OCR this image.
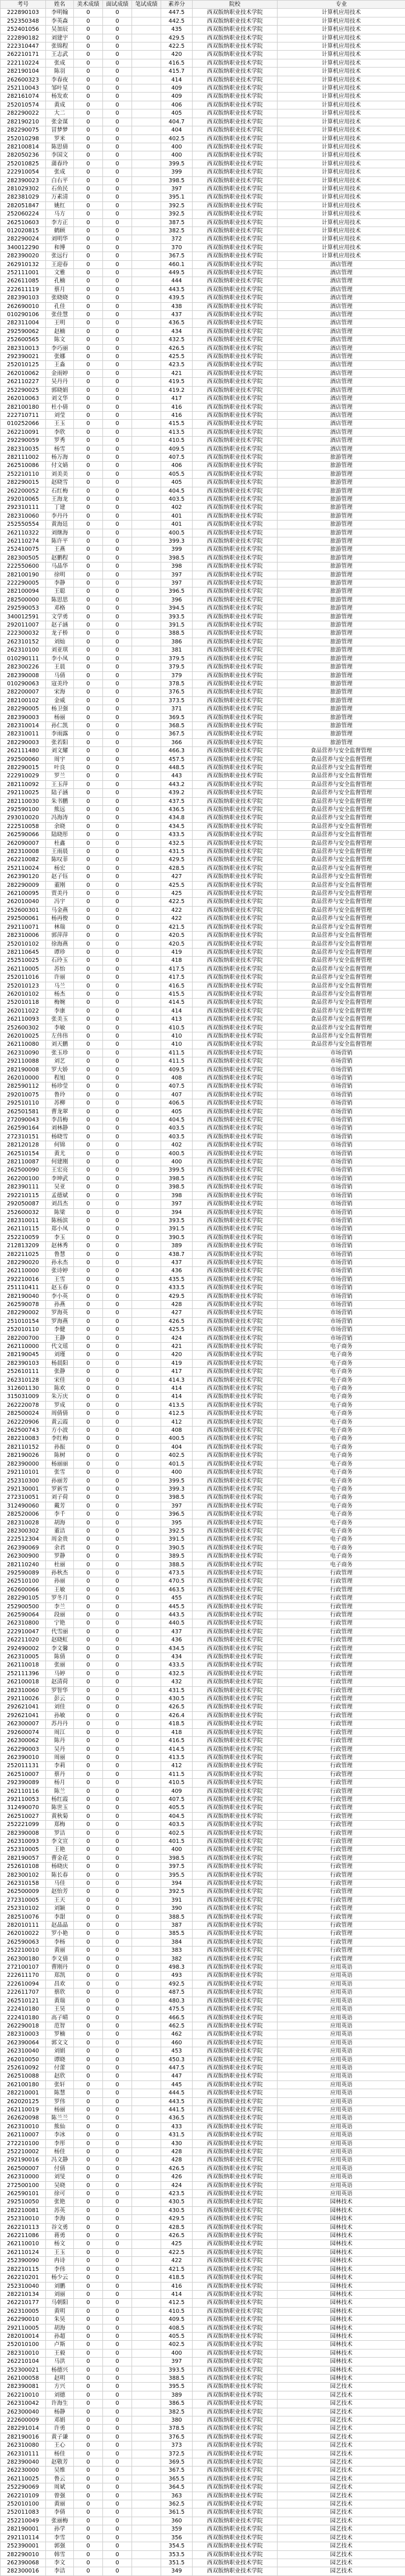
考号	姓名	美术成绩	面试成绩	笔试成绩	素养分	院校	专业
222890103	李明翰	0	0		447.5	西双版纳职业技术学院	计算机应用技术
252350348	李英森	0	0		442.5	西双版纳职业技术学院	计算机应用技术
252401056	吴加辰	0	0		435	西双版纳职业技术学院	计算机应用技术
222890182	刘建宇	0	0		429.5	西双版纳职业技术学院	计算机应用技术
222310447	张锦程	0	0		422.5	西双版纳职业技术学院	计算机应用技术
262210171	王志武	0	0		420	西双版纳职业技术学院	计算机应用技术
222110224	张成	0	0		416.5	西双版纳职业技术学院	计算机应用技术
282190104	陈羽	0	0		415.7	西双版纳职业技术学院	计算机应用技术
262600323	李春夜	0	0		414	西双版纳职业技术学院	计算机应用技术
252110043	邹叶星	0	0		409	西双版纳职业技术学院	计算机应用技术
282161074	杨发欢	0	0		409	西双版纳职业技术学院	计算机应用技术
252010574	黄成	0	0		406	西双版纳职业技术学院	计算机应用技术
282290022	大二	0	0		405	西双版纳职业技术学院	计算机应用技术
282190210	张金谋	0	0		404.7	西双版纳职业技术学院	计算机应用技术
282290075	冒梦梦	0	0		404	西双版纳职业技术学院	计算机应用技术
252010298	罗米	0	0		402.5	西双版纳职业技术学院	计算机应用技术
282100814	陈思倩	0	0		400	西双版纳职业技术学院	计算机应用技术
282050236	李国文	0	0		400	西双版纳职业技术学院	计算机应用技术
252010825	蒲春玲	0	0		399.5	西双版纳职业技术学院	计算机应用技术
222910054	张成	0	0		399	西双版纳职业技术学院	计算机应用技术
282390023	白右平	0	0		398.5	西双版纳职业技术学院	计算机应用技术
281029302	石鱼民	0	0		397	西双版纳职业技术学院	计算机应用技术
282381029	万素清	0	0		395.1	西双版纳职业技术学院	计算机应用技术
282051847	姚红	0	0		392.5	西双版纳职业技术学院	计算机应用技术
252060224	马方	0	0		392.5	西双版纳职业技术学院	计算机应用技术
262510603	李方正	0	0		387.5	西双版纳职业技术学院	计算机应用技术
012020815	鹤顾	0	0		382.5	西双版纳职业技术学院	计算机应用技术
282290024	刘明华	0	0		372	西双版纳职业技术学院	计算机应用技术
340012290	和博	0	0		370	西双版纳职业技术学院	计算机应用技术
282390020	张远行	0	0		367.5	西双版纳职业技术学院	计算机应用技术
262910132	王迎春	0	0		460.1	西双版纳职业技术学院	酒店管理
252111001	文雅	0	0		449.5	西双版纳职业技术学院	酒店管理
262611085	孔楠	0	0		444	西双版纳职业技术学院	酒店管理
222611119	蔡月	0	0		443.5	西双版纳职业技术学院	酒店管理
282390103	张晓晓	0	0		439.5	西双版纳职业技术学院	酒店管理
262690010	孔佳	0	0		438	西双版纳职业技术学院	酒店管理
010290106	张佳慧	0	0		437	西双版纳职业技术学院	酒店管理
282311004	王明	0	0		436.5	西双版纳职业技术学院	酒店管理
292590062	赵楠	0	0		434	西双版纳职业技术学院	酒店管理
252600565	陈文	0	0		432.5	西双版纳职业技术学院	酒店管理
282310013	李巧丽	0	0		426.5	西双版纳职业技术学院	酒店管理
292390021	张娜	0	0		425.5	西双版纳职业技术学院	酒店管理
252010125	王淼	0	0		423.5	西双版纳职业技术学院	酒店管理
262010062	金雨婷	0	0		421	西双版纳职业技术学院	酒店管理
262110227	吴丹丹	0	0		419.5	西双版纳职业技术学院	酒店管理
252290025	郭晓娟	0	0		419.2	西双版纳职业技术学院	酒店管理
262010063	刘文华	0	0		417	西双版纳职业技术学院	酒店管理
282100180	杜小倩	0	0		416	西双版纳职业技术学院	酒店管理
222710711	刘莹	0	0		416	西双版纳职业技术学院	酒店管理
010252066	王玉	0	0		415.5	西双版纳职业技术学院	酒店管理
262210091	李欣	0	0		413.5	西双版纳职业技术学院	酒店管理
292290059	罗秀	0	0		410.5	西双版纳职业技术学院	酒店管理
282310035	杨雪	0	0		409.5	西双版纳职业技术学院	酒店管理
282111002	杨万海	0	0		407.5	西双版纳职业技术学院	旅游管理
262510086	付文婧	0	0		406	西双版纳职业技术学院	旅游管理
252210110	刘美美	0	0		405.5	西双版纳职业技术学院	旅游管理
282290015	赵晓雪	0	0		405	西双版纳职业技术学院	旅游管理
262200052	石红梅	0	0		404.5	西双版纳职业技术学院	旅游管理
292010065	王海龙	0	0		403.5	西双版纳职业技术学院	旅游管理
292310111	丁建	0	0		402	西双版纳职业技术学院	旅游管理
282310060	李丹丹	0	0		401	西双版纳职业技术学院	旅游管理
252550554	黄海廷	0	0		401	西双版纳职业技术学院	旅游管理
262110322	刘继海	0	0		400.5	西双版纳职业技术学院	旅游管理
262110274	陈许平	0	0		399.3	西双版纳职业技术学院	旅游管理
252410075	王燕	0	0		399	西双版纳职业技术学院	旅游管理
282300505	赵鹏程	0	0		398.5	西双版纳职业技术学院	旅游管理
222550600	马晶华	0	0		398	西双版纳职业技术学院	旅游管理
282100190	徐明	0	0		397	西双版纳职业技术学院	旅游管理
222290005	李静	0	0		397	西双版纳职业技术学院	旅游管理
282100094	王聪	0	0		396.5	西双版纳职业技术学院	旅游管理
282500000	陈思思	0	0		396	西双版纳职业技术学院	旅游管理
292590053	邓格	0	0		394.5	西双版纳职业技术学院	旅游管理
340012591	文学勇	0	0		393.5	西双版纳职业技术学院	旅游管理
292011007	赵子涵	0	0		391.5	西双版纳职业技术学院	旅游管理
222300032	龙子桥	0	0		388.5	西双版纳职业技术学院	旅游管理
262310152	刘灿	0	0		386	西双版纳职业技术学院	旅游管理
262310100	刘亚琪	0	0		381	西双版纳职业技术学院	旅游管理
010290111	李小凤	0	0		379.5	西双版纳职业技术学院	旅游管理
282300226	王晨	0	0		379.5	西双版纳职业技术学院	旅游管理
282390008	马倩	0	0		379	西双版纳职业技术学院	旅游管理
010290063	寇美玲	0	0		378.5	西双版纳职业技术学院	旅游管理
282200007	宋海	0	0		376.5	西双版纳职业技术学院	旅游管理
282100102	金威	0	0		373.5	西双版纳职业技术学院	旅游管理
282290005	杨卫强	0	0		371	西双版纳职业技术学院	旅游管理
282390003	杨丽	0	0		369.5	西双版纳职业技术学院	旅游管理
282310014	孙仁凯	0	0		368.5	西双版纳职业技术学院	旅游管理
282310011	李雨露	0	0		367.5	西双版纳职业技术学院	旅游管理
282290003	张若阳	0	0		366	西双版纳职业技术学院	旅游管理
262111480	刘文耀	0	0		466.3	西双版纳职业技术学院	食品营养与安全监督管理
292500060	周宇	0	0		457.5	西双版纳职业技术学院	食品营养与安全监督管理
282290015	叶良	0	0		448.5	西双版纳职业技术学院	食品营养与安全监督管理
222910029	罗兰	0	0		443	西双版纳职业技术学院	食品营养与安全监督管理
282110092	王玉萍	0	0		443.2	西双版纳职业技术学院	食品营养与安全监督管理
292110025	陆子涵	0	0		439.2	西双版纳职业技术学院	食品营养与安全监督管理
282110030	朱书鹏	0	0		437.5	西双版纳职业技术学院	食品营养与安全监督管理
292590100	熊远	0	0		436.5	西双版纳职业技术学院	食品营养与安全监督管理
293010020	冯海涛	0	0		434.8	西双版纳职业技术学院	食品营养与安全监督管理
222510058	余晓	0	0		434.5	西双版纳职业技术学院	食品营养与安全监督管理
262590066	陆晓彤	0	0		433.5	西双版纳职业技术学院	食品营养与安全监督管理
262090007	杜鑫	0	0		432.5	西双版纳职业技术学院	食品营养与安全监督管理
282310008	王雨晨	0	0		431.5	西双版纳职业技术学院	食品营养与安全监督管理
262210082	陈叹菲	0	0		429.5	西双版纳职业技术学院	食品营养与安全监督管理
252110024	杨宏	0	0		428.5	西双版纳职业技术学院	食品营养与安全监督管理
262390120	赵子钰	0	0		427	西双版纳职业技术学院	食品营养与安全监督管理
282290009	董刚	0	0		425.5	西双版纳职业技术学院	食品营养与安全监督管理
262100095	贾美丹	0	0		425	西双版纳职业技术学院	食品营养与安全监督管理
262010040	冯宇	0	0		422.5	西双版纳职业技术学院	食品营养与安全监督管理
252600301	马金燕	0	0		422	西双版纳职业技术学院	食品营养与安全监督管理
292500061	杨再俊	0	0		422	西双版纳职业技术学院	食品营养与安全监督管理
292110071	林瑞	0	0		421.5	西双版纳职业技术学院	食品营养与安全监督管理
282310006	郭萍萍	0	0		420.5	西双版纳职业技术学院	食品营养与安全监督管理
252010102	徐海燕	0	0		420.5	西双版纳职业技术学院	食品营养与安全监督管理
282110645	谭珍	0	0		419	西双版纳职业技术学院	食品营养与安全监督管理
252510025	石玲玉	0	0		418	西双版纳职业技术学院	食品营养与安全监督管理
262110005	苏怡	0	0		417.5	西双版纳职业技术学院	食品营养与安全监督管理
252011016	许丽	0	0		417.5	西双版纳职业技术学院	食品营养与安全监督管理
252010123	马兰	0	0		416.5	西双版纳职业技术学院	食品营养与安全监督管理
262010102	杨杰	0	0		415.5	西双版纳职业技术学院	食品营养与安全监督管理
252010118	梅婉	0	0		414.5	西双版纳职业技术学院	食品营养与安全监督管理
262011022	李康	0	0		414	西双版纳职业技术学院	食品营养与安全监督管理
262110093	张美玉	0	0		413	西双版纳职业技术学院	食品营养与安全监督管理
252600302	李敏	0	0		410.5	西双版纳职业技术学院	食品营养与安全监督管理
262010025	左伟伟	0	0		410	西双版纳职业技术学院	食品营养与安全监督管理
262110080	刘天鹏	0	0		410	西双版纳职业技术学院	食品营养与安全监督管理
262310090	张玉珍	0	0		411.5	西双版纳职业技术学院	市场营销
292110088	刘艺	0	0		411.5	西双版纳职业技术学院	市场营销
282190008	罗大娇	0	0		409.5	西双版纳职业技术学院	市场营销
262010000	程旭	0	0		408	西双版纳职业技术学院	市场营销
282590112	杨珍莹	0	0		407.5	西双版纳职业技术学院	市场营销
292010075	鲁玲	0	0		407	西双版纳职业技术学院	市场营销
292510110	苏柳	0	0		406.5	西双版纳职业技术学院	市场营销
262501581	曹龙翠	0	0		405	西双版纳职业技术学院	市场营销
272090043	李昌梅	0	0		404.5	西双版纳职业技术学院	市场营销
262590164	刘林静	0	0		403.5	西双版纳职业技术学院	市场营销
272310151	杨晓雪	0	0		403.5	西双版纳职业技术学院	市场营销
282120128	何锦	0	0		402	西双版纳职业技术学院	市场营销
262510154	黄尤	0	0		400.5	西双版纳职业技术学院	市场营销
282110087	何建刚	0	0		400	西双版纳职业技术学院	市场营销
262500090	王宏亮	0	0		399.5	西双版纳职业技术学院	市场营销
262200100	李坤武	0	0		398.5	西双版纳职业技术学院	市场营销
282390111	吴亚	0	0		398.5	西双版纳职业技术学院	市场营销
292210115	孟德斌	0	0		398	西双版纳职业技术学院	市场营销
292050087	刘昌杰	0	0		397	西双版纳职业技术学院	市场营销
252600032	陈梁	0	0		394	西双版纳职业技术学院	市场营销
282310011	陈杨滨	0	0		393.5	西双版纳职业技术学院	市场营销
262110115	郑小凤	0	0		391.5	西双版纳职业技术学院	市场营销
252210059	李玉	0	0		390.5	西双版纳职业技术学院	市场营销
212813209	赵林秀	0	0		389	西双版纳职业技术学院	市场营销
282211025	鲁慧	0	0		438.7	西双版纳职业技术学院	市场营销
282290020	孙永杰	0	0		437	西双版纳职业技术学院	市场营销
262110000	张诗婷	0	0		436	西双版纳职业技术学院	市场营销
292210016	王雪	0	0		435.5	西双版纳职业技术学院	市场营销
251110411	赵玉春	0	0		433.5	西双版纳职业技术学院	市场营销
282190040	李小英	0	0		429.5	西双版纳职业技术学院	市场营销
262590078	孙燕	0	0		428	西双版纳职业技术学院	市场营销
282290002	罗海英	0	0		427	西双版纳职业技术学院	市场营销
251010154	罗海燕	0	0		426.5	西双版纳职业技术学院	市场营销
252010110	李健	0	0		425.5	西双版纳职业技术学院	市场营销
282200700	王静	0	0		424	西双版纳职业技术学院	市场营销
262110000	代文瑶	0	0		421	西双版纳职业技术学院	电子商务
282190045	刘瑾	0	0		420	西双版纳职业技术学院	电子商务
282390103	杨晨阳	0	0		419	西双版纳职业技术学院	电子商务
252610111	张静	0	0		417	西双版纳职业技术学院	电子商务
262310128	宋佳	0	0		414.3	西双版纳职业技术学院	电子商务
312601130	陈欢	0	0		414	西双版纳职业技术学院	电子商务
315031009	朱万庆	0	0		414	西双版纳职业技术学院	电子商务
262220078	罗成	0	0		413.5	西双版纳职业技术学院	电子商务
282500024	周倩倩	0	0		412.5	西双版纳职业技术学院	电子商务
262220906	黄云霞	0	0		412	西双版纳职业技术学院	电子商务
262500743	方小波	0	0		408	西双版纳职业技术学院	电子商务
282210083	李红梅	0	0		400.5	西双版纳职业技术学院	电子商务
282110152	孙振	0	0		404	西双版纳职业技术学院	电子商务
282190026	陈树	0	0		402.5	西双版纳职业技术学院	电子商务
282390000	杨丽丽	0	0		401.5	西双版纳职业技术学院	电子商务
292110101	张雪	0	0		400	西双版纳职业技术学院	电子商务
252310300	孙丽芳	0	0		399.5	西双版纳职业技术学院	电子商务
292130001	罗新雪	0	0		399.3	西双版纳职业技术学院	电子商务
272310051	刘子荷	0	0		398.5	西双版纳职业技术学院	电子商务
312490060	戴芳	0	0		397	西双版纳职业技术学院	电子商务
282520006	李千	0	0		396.5	西双版纳职业技术学院	电子商务
282310028	胡海	0	0		395	西双版纳职业技术学院	电子商务
282300302	董洁	0	0		392.5	西双版纳职业技术学院	电子商务
222512304	周金贵	0	0		391.5	西双版纳职业技术学院	电子商务
262390069	余君	0	0		390.5	西双版纳职业技术学院	电子商务
262300900	罗静	0	0		389.5	西双版纳职业技术学院	电子商务
282110240	杜丽	0	0		388.5	西双版纳职业技术学院	电子商务
292590089	孙秋杰	0	0		473.5	西双版纳职业技术学院	行政管理
262510100	孙丽	0	0		470.5	西双版纳职业技术学院	行政管理
262600066	王敏	0	0		463.5	西双版纳职业技术学院	行政管理
282290105	罗冬月	0	0		455	西双版纳职业技术学院	行政管理
252900500	李兰	0	0		445.5	西双版纳职业技术学院	行政管理
262590064	段丽	0	0		443.5	西双版纳职业技术学院	行政管理
262310800	宁艳	0	0		440.5	西双版纳职业技术学院	行政管理
222910047	代雪丽	0	0		437	西双版纳职业技术学院	行政管理
262211020	赵晓虹	0	0		436	西双版纳职业技术学院	行政管理
292490002	李文馨	0	0		434.5	西双版纳职业技术学院	行政管理
262310005	陈倩	0	0		434	西双版纳职业技术学院	行政管理
262110018	张丽	0	0		433.5	西双版纳职业技术学院	行政管理
252111396	马婷	0	0		432.5	西双版纳职业技术学院	行政管理
262100018	赵清荷	0	0		432	西双版纳职业技术学院	行政管理
282310060	罗智华	0	0		431.5	西双版纳职业技术学院	行政管理
292110026	彭云	0	0		430.5	西双版纳职业技术学院	行政管理
292621041	刘佳	0	0		426.5	西双版纳职业技术学院	行政管理
292621041	孙敏	0	0		426.4	西双版纳职业技术学院	行政管理
262300007	苏丹丹	0	0		418.5	西双版纳职业技术学院	行政管理
292600074	周江	0	0		418	西双版纳职业技术学院	行政管理
262300062	陈丹	0	0		416.5	西双版纳职业技术学院	行政管理
262290003	吴丹	0	0		414.5	西双版纳职业技术学院	行政管理
262390010	周丽	0	0		413.5	西双版纳职业技术学院	行政管理
252011131	李莉	0	0		412	西双版纳职业技术学院	行政管理
262510007	蔡丹	0	0		411.5	西双版纳职业技术学院	行政管理
292390089	杨月	0	0		410.5	西双版纳职业技术学院	行政管理
262110116	陈兰	0	0		409	西双版纳职业技术学院	行政管理
292110053	杨红霞	0	0		407.5	西双版纳职业技术学院	行政管理
312490070	陈世玉	0	0		405.5	西双版纳职业技术学院	行政管理
262510027	黄秋菊	0	0		404.5	西双版纳职业技术学院	行政管理
252221099	郑梅	0	0		403.5	西双版纳职业技术学院	行政管理
282390008	罗洁	0	0		402.5	西双版纳职业技术学院	行政管理
262310093	李文宣	0	0		401.5	西双版纳职业技术学院	行政管理
252310005	王艳	0	0		400	西双版纳职业技术学院	行政管理
282190057	曹金花	0	0		398.5	西双版纳职业技术学院	行政管理
252610108	杨晓庆	0	0		397.5	西双版纳职业技术学院	行政管理
282300102	陈长春	0	0		395.5	西双版纳职业技术学院	行政管理
262310158	马佳	0	0		394	西双版纳职业技术学院	行政管理
262500009	赵怡芳	0	0		392.5	西双版纳职业技术学院	行政管理
272310005	王天	0	0		391	西双版纳职业技术学院	行政管理
252310102	刘颖	0	0		390	西双版纳职业技术学院	行政管理
282510076	李甜	0	0		388.5	西双版纳职业技术学院	行政管理
282010111	赵晶晶	0	0		387	西双版纳职业技术学院	行政管理
262010022	罗小艳	0	0		385.5	西双版纳职业技术学院	行政管理
262590063	李杨	0	0		384	西双版纳职业技术学院	行政管理
252210010	黄丽	0	0		383	西双版纳职业技术学院	行政管理
262300180	李文倩	0	0		382	西双版纳职业技术学院	行政管理
272100107	曹刚丹	0	0		498.3	西双版纳职业技术学院	应用英语
222611170	郑凯	0	0		493	西双版纳职业技术学院	应用英语
222610094	昌欢	0	0		492.5	西双版纳职业技术学院	应用英语
222611707	蔡欣	0	0		487.5	西双版纳职业技术学院	应用英语
262510121	黄瑞	0	0		480.3	西双版纳职业技术学院	应用英语
222410180	王昊	0	0		475.5	西双版纳职业技术学院	应用英语
222410180	高子晴	0	0		466.5	西双版纳职业技术学院	应用英语
262290018	范智	0	0		462.5	西双版纳职业技术学院	应用英语
282310003	罗楠	0	0		462	西双版纳职业技术学院	应用英语
262390064	郭文文	0	0		460	西双版纳职业技术学院	应用英语
262310040	刘娟	0	0		453	西双版纳职业技术学院	应用英语
262010050	谭晓	0	0		450.3	西双版纳职业技术学院	应用英语
252610092	付蕾	0	0		447.5	西双版纳职业技术学院	应用英语
262510088	赵欣	0	0		447	西双版纳职业技术学院	应用英语
262100180	张轩	0	0		445	西双版纳职业技术学院	应用英语
282210001	陈慧	0	0		444.5	西双版纳职业技术学院	应用英语
262020125	罗伟	0	0		443.5	西双版纳职业技术学院	应用英语
262110019	杨丽	0	0		441.5	西双版纳职业技术学院	应用英语
262620098	陈兰兰	0	0		436.5	西双版纳职业技术学院	应用英语
262310010	熊仙	0	0		433	西双版纳职业技术学院	应用英语
262110007	李冰	0	0		431.5	西双版纳职业技术学院	应用英语
272210100	李彤	0	0		430	西双版纳职业技术学院	应用英语
252210002	杨佳	0	0		428	西双版纳职业技术学院	应用英语
292190016	冯文静	0	0		428	西双版纳职业技术学院	应用英语
262500007	付倩	0	0		426.5	西双版纳职业技术学院	应用英语
262310000	刘旻	0	0		426	西双版纳职业技术学院	应用英语
272500100	吴晓	0	0		424	西双版纳职业技术学院	应用英语
262590101	徐可	0	0		423.5	西双版纳职业技术学院	应用英语
292510050	张艳	0	0		430.5	西双版纳职业技术学院	园林技术
282210081	苏英	0	0		430.5	西双版纳职业技术学院	园林技术
252310010	李海	0	0		429.5	西双版纳职业技术学院	园林技术
262210113	谷文勇	0	0		428.5	西双版纳职业技术学院	园林技术
262211086	蒋勇	0	0		426.5	西双版纳职业技术学院	园林技术
262110010	杨文	0	0		425	西双版纳职业技术学院	园林技术
262110124	王玉	0	0		422.5	西双版纳职业技术学院	园林技术
252390090	冉诗	0	0		422	西双版纳职业技术学院	园林技术
282210115	李伟	0	0		421.5	西双版纳职业技术学院	园林技术
262210201	杨少云	0	0		418.5	西双版纳职业技术学院	园林技术
252310040	刘鹏	0	0		416	西双版纳职业技术学院	园林技术
282210134	刘丽	0	0		414	西双版纳职业技术学院	园林技术
262210177	马朝阳	0	0		412.5	西双版纳职业技术学院	园林技术
262310005	黄明	0	0		410.5	西双版纳职业技术学院	园林技术
262290010	朱昊	0	0		409.5	西双版纳职业技术学院	园林技术
292110005	胡海	0	0		408.5	西双版纳职业技术学院	园林技术
282010014	孙超	0	0		405.5	西双版纳职业技术学院	园林技术
252010100	卢斯	0	0		402.5	西双版纳职业技术学院	园林技术
282310010	王毅	0	0		400	西双版纳职业技术学院	园林技术
262210104	马洪	0	0		397	西双版纳职业技术学院	园林技术
252300021	杨德兴	0	0		393.5	西双版纳职业技术学院	园林技术
262100058	赵明	0	0		388.5	西双版纳职业技术学院	园林技术
282390081	方兴	0	0		395.5	西双版纳职业技术学院	园艺技术
262210010	刘德	0	0		389	西双版纳职业技术学院	园艺技术
262310042	许海生	0	0		386.5	西双版纳职业技术学院	园艺技术
262300040	杨静	0	0		382.5	西双版纳职业技术学院	园艺技术
222600009	邓娟	0	0		380	西双版纳职业技术学院	园艺技术
282291014	许勇	0	0		378.5	西双版纳职业技术学院	园艺技术
282190016	黄子谦	0	0		376.5	西双版纳职业技术学院	园艺技术
262310080	王心	0	0		373	西双版纳职业技术学院	园艺技术
262310111	杨佳	0	0		372.5	西双版纳职业技术学院	园艺技术
282390040	赵敬芳	0	0		369.5	西双版纳职业技术学院	园艺技术
262230000	吴维	0	0		367.5	西双版纳职业技术学院	园艺技术
262110025	鲁云	0	0		365.5	西双版纳职业技术学院	园艺技术
252290069	周斌	0	0		364.5	西双版纳职业技术学院	园艺技术
262210109	曾强	0	0		363	西双版纳职业技术学院	园艺技术
252010100	黄丽	0	0		362.5	西双版纳职业技术学院	园艺技术
252011083	李倩	0	0		361.5	西双版纳职业技术学院	园艺技术
252210049	张丽梅	0	0		360	西双版纳职业技术学院	园艺技术
282190001	孙学	0	0		359	西双版纳职业技术学院	园艺技术
292110114	李雪	0	0		356	西双版纳职业技术学院	园艺技术
252390001	郭强	0	0		354.5	西双版纳职业技术学院	园艺技术
282290010	韩雪	0	0		353.5	西双版纳职业技术学院	园艺技术
262390068	李文	0	0		351.5	西双版纳职业技术学院	园艺技术
282300016	李洁	0	0		349	西双版纳职业技术学院	园艺技术
